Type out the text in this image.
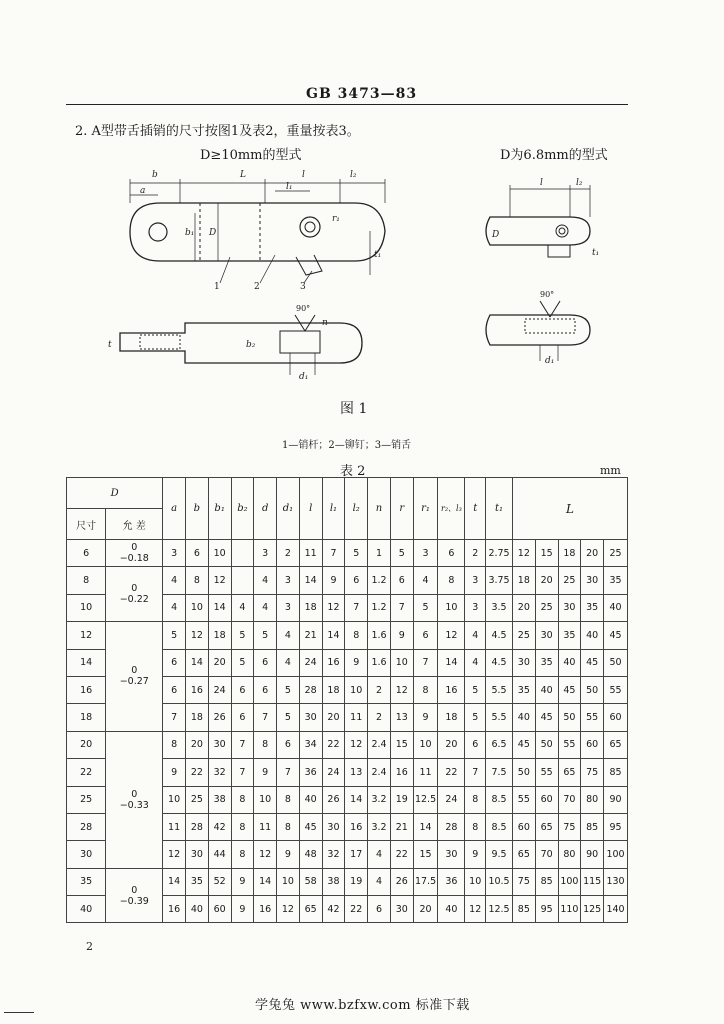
GB 3473—83
2. A型带舌插销的尺寸按图1及表2，重量按表3。
D≥10mm的型式	D为6.8mm的型式
b	L	l	l₂
a	l₁
b₁ D
t₁
r₁
1	2	3
90°
n
b₂
t
d₁
l	l₂
D
t₁
90°
d₁
图 1
1—销杆；2—铆钉；3—销舌
表 2	mm
D		a	b	b₁	b₂	d	d₁	l	l₁	l₂	n	r	r₁	r₂、l₃	t	t₁	L				
尺寸	允 差																				
6	0
−0.18	3	6	10		3	2	11	7	5	1	5	3	6	2	2.75	12	15	18	20	25
8	0
−0.22	4	8	12		4	3	14	9	6	1.2	6	4	8	3	3.75	18	20	25	30	35
10		4	10	14	4	4	3	18	12	7	1.2	7	5	10	3	3.5	20	25	30	35	40
12	0
−0.27	5	12	18	5	5	4	21	14	8	1.6	9	6	12	4	4.5	25	30	35	40	45
14		6	14	20	5	6	4	24	16	9	1.6	10	7	14	4	4.5	30	35	40	45	50
16		6	16	24	6	6	5	28	18	10	2	12	8	16	5	5.5	35	40	45	50	55
18		7	18	26	6	7	5	30	20	11	2	13	9	18	5	5.5	40	45	50	55	60
20	0
−0.33	8	20	30	7	8	6	34	22	12	2.4	15	10	20	6	6.5	45	50	55	60	65
22		9	22	32	7	9	7	36	24	13	2.4	16	11	22	7	7.5	50	55	65	75	85
25		10	25	38	8	10	8	40	26	14	3.2	19	12.5	24	8	8.5	55	60	70	80	90
28		11	28	42	8	11	8	45	30	16	3.2	21	14	28	8	8.5	60	65	75	85	95
30		12	30	44	8	12	9	48	32	17	4	22	15	30	9	9.5	65	70	80	90	100
35	0
−0.39	14	35	52	9	14	10	58	38	19	4	26	17.5	36	10	10.5	75	85	100	115	130
40		16	40	60	9	16	12	65	42	22	6	30	20	40	12	12.5	85	95	110	125	140
2
学兔兔 www.bzfxw.com 标准下载
